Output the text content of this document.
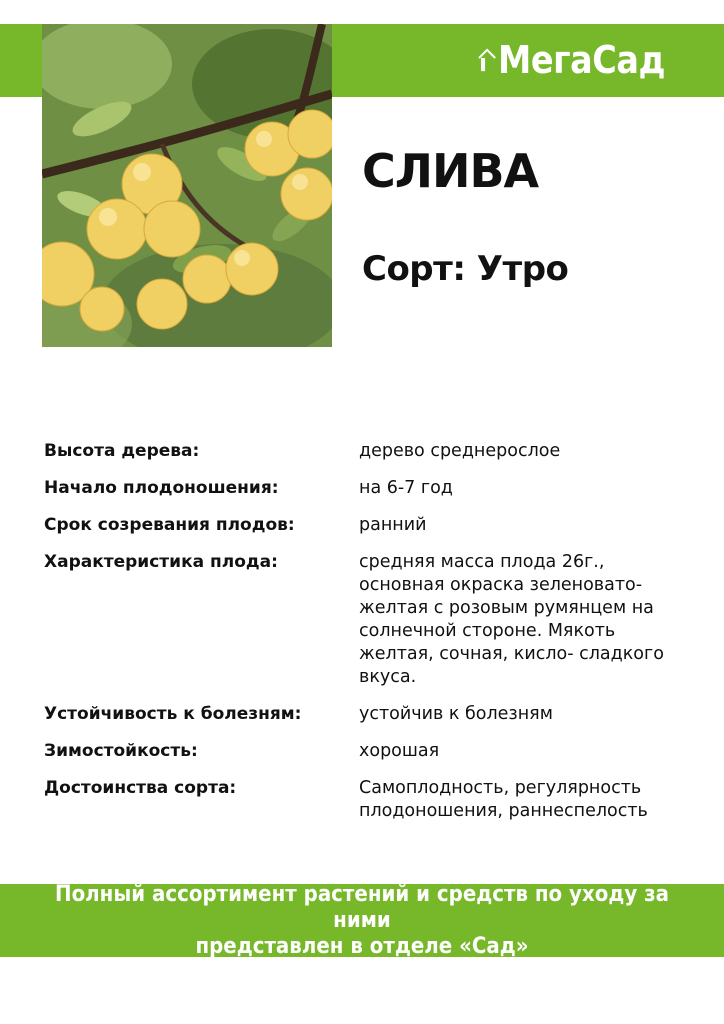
МегаСад
СЛИВА
Сорт: Утро
Высота дерева:	дерево среднерослое
Начало плодоношения:	на 6-7 год
Срок созревания плодов:	ранний
Характеристика плода:	средняя масса плода 26г., основная окраска зеленовато-желтая с розовым румянцем на солнечной стороне. Мякоть желтая, сочная, кисло- сладкого вкуса.
Устойчивость к болезням:	устойчив к болезням
Зимостойкость:	хорошая
Достоинства сорта:	Самоплодность, регулярность плодоношения, раннеспелость

Полный ассортимент растений и средств по уходу за ними
представлен в отделе «Сад»
